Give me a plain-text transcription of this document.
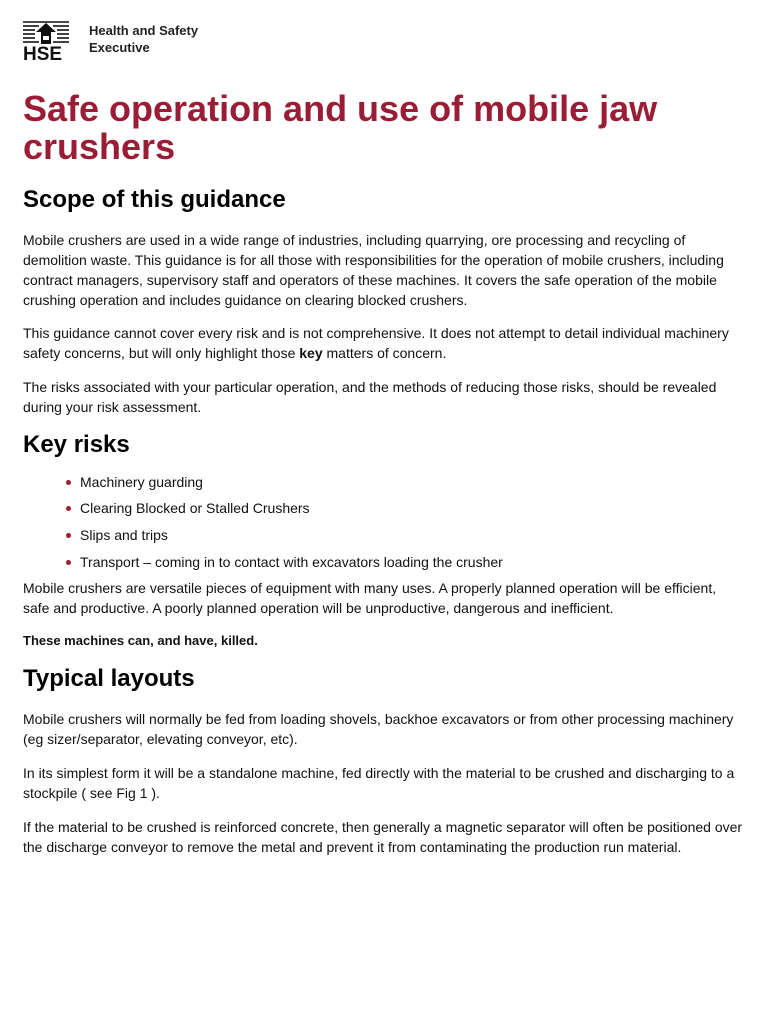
HSE
Health and Safety
Executive
Safe operation and use of mobile jaw crushers
Scope of this guidance

Mobile crushers are used in a wide range of industries, including quarrying, ore processing and recycling of demolition waste. This guidance is for all those with responsibilities for the operation of mobile crushers, including contract managers, supervisory staff and operators of these machines. It covers the safe operation of the mobile crushing operation and includes guidance on clearing blocked crushers.

This guidance cannot cover every risk and is not comprehensive. It does not attempt to detail individual machinery safety concerns, but will only highlight those key matters of concern.

The risks associated with your particular operation, and the methods of reducing those risks, should be revealed during your risk assessment.

Key risks
Machinery guarding
Clearing Blocked or Stalled Crushers
Slips and trips
Transport – coming in to contact with excavators loading the crusher

Mobile crushers are versatile pieces of equipment with many uses. A properly planned operation will be efficient, safe and productive. A poorly planned operation will be unproductive, dangerous and inefficient.

These machines can, and have, killed.

Typical layouts

Mobile crushers will normally be fed from loading shovels, backhoe excavators or from other processing machinery (eg sizer/separator, elevating conveyor, etc).

In its simplest form it will be a standalone machine, fed directly with the material to be crushed and discharging to a stockpile ( see Fig 1 ).

If the material to be crushed is reinforced concrete, then generally a magnetic separator will often be positioned over the discharge conveyor to remove the metal and prevent it from contaminating the production run material.
